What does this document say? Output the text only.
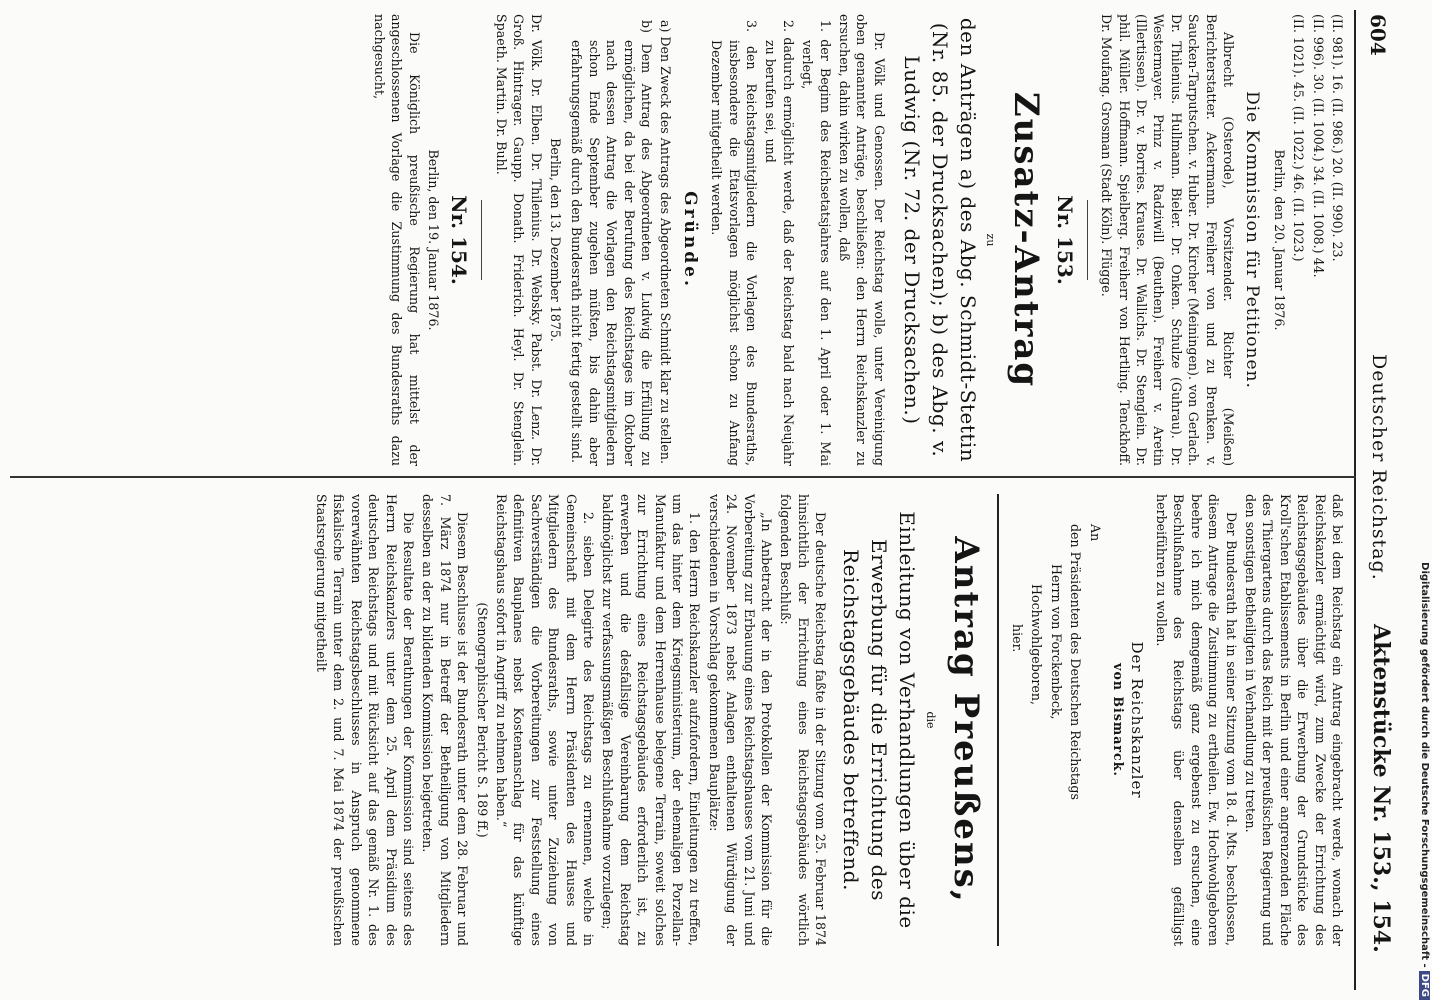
604
Deutscher Reichstag.
Aktenstücke Nr. 153., 154.

(II. 981). 16. (II. 986.) 20. (II. 990). 23.

(II. 996). 30. (II. 1004.) 34. (II. 1008.) 44.

(II. 1021). 45. (II. 1022.) 46. (II. 1023.)

Berlin, den 20. Januar 1876.

Die Kommission für Petitionen.

Albrecht (Osterode), Vorsitzender. Richter (Meißen) Berichterstatter. Ackermann. Freiherr von und zu Brenken. v. Saucken-Tarputschen. v. Huber. Dr. Kircher (Meiningen). von Gerlach. Dr. Thilenius. Hullmann. Bieler. Dr. Onken. Schulze (Guhrau). Dr. Westermayer. Prinz v. Radziwill (Beuthen). Freiherr v. Aretin (Illertissen). Dr. v. Borries. Krause. Dr. Wallichs. Dr. Stenglein. Dr. phil. Müller. Hoffmann. Spielberg. Freiherr von Hertling. Tenckhoff. Dr. Moufang. Grosman (Stadt Köln). Flügge.

Nr. 153.
Zusatz-Antrag
zu
den Anträgen a) des Abg. Schmidt-Stettin (Nr. 85. der Drucksachen); b) des Abg. v. Ludwig (Nr. 72. der Drucksachen.)

Dr. Völk und Genossen. Der Reichstag wolle, unter Vereinigung oben genannter Anträge, beschließen: den Herrn Reichskanzler zu ersuchen, dahin wirken zu wollen, daß

1. der Beginn des Reichsetatsjahres auf den 1. April oder 1. Mai verlegt,

2. dadurch ermöglicht werde, daß der Reichstag bald nach Neujahr zu berufen sei, und

3. den Reichstagsmitgliedern die Vorlagen des Bundesraths, insbesondere die Etatsvorlagen möglichst schon zu Anfang Dezember mitgetheilt werden.

Gründe.

a) Den Zweck des Antrags des Abgeordneten Schmidt klar zu stellen.

b) Dem Antrag des Abgeordneten v. Ludwig die Erfüllung zu ermöglichen, da bei der Berufung des Reichstages im Oktober nach dessen Antrag die Vorlagen den Reichstagsmitgliedern schon Ende September zugehen müßten, bis dahin aber erfahrungsgemäß durch den Bundesrath nicht fertig gestellt sind.

Berlin, den 13. Dezember 1875.

Dr. Völk. Dr. Elben. Dr. Thilenius. Dr. Websky. Pabst. Dr. Lenz. Dr. Groß. Hintrager. Gaupp. Donath. Friderich. Heyl. Dr. Stenglein. Spaeth. Martin. Dr. Buhl.

Nr. 154.

Berlin, den 19. Januar 1876.

Die Königlich preußische Regierung hat mittelst der angeschlossenen Vorlage die Zustimmung des Bundesraths dazu nachgesucht,

daß bei dem Reichstag ein Antrag eingebracht werde, wonach der Reichskanzler ermächtigt wird, zum Zwecke der Errichtung des Reichstagsgebäudes über die Erwerbung der Grundstücke des Kroll'schen Etablissements in Berlin und einer angrenzenden Fläche des Thiergartens durch das Reich mit der preußischen Regierung und den sonstigen Betheiligten in Verhandlung zu treten.

Der Bundesrath hat in seiner Sitzung vom 18. d. Mts. beschlossen, diesem Antrage die Zustimmung zu ertheilen. Ew. Hochwohlgeboren beehre ich mich demgemäß ganz ergebenst zu ersuchen, eine Beschlußnahme des Reichstags über denselben gefälligst herbeiführen zu wollen.

Der Reichskanzler
von Bismarck.

An

den Präsidenten des Deutschen Reichstags

Herrn von Forckenbeck,

Hochwohlgeboren,

hier.

Antrag Preußens,
die
Einleitung von Verhandlungen über die Erwerbung für die Errichtung des Reichstagsgebäudes betreffend.

Der deutsche Reichstag faßte in der Sitzung vom 25. Februar 1874 hinsichtlich der Errichtung eines Reichstagsgebäudes wörtlich folgenden Beschluß:

„In Anbetracht der in den Protokollen der Kommission für die Vorbereitung zur Erbauung eines Reichstagshauses vom 21. Juni und 24. November 1873 nebst Anlagen enthaltenen Würdigung der verschiedenen in Vorschlag gekommenen Bauplätze:

1. den Herrn Reichskanzler aufzufordern, Einleitungen zu treffen, um das hinter dem Kriegsministerium, der ehemaligen Porzellan-Manufaktur und dem Herrenhause belegene Terrain, soweit solches zur Errichtung eines Reichstagsgebäudes erforderlich ist, zu erwerben und die desfallsige Vereinbarung dem Reichstag baldmöglichst zur verfassungsmäßigen Beschlußnahme vorzulegen;

2. sieben Delegirte des Reichstags zu ernennen, welche in Gemeinschaft mit dem Herrn Präsidenten des Hauses und Mitgliedern des Bundesraths, sowie unter Zuziehung von Sachverständigen die Vorbereitungen zur Feststellung eines definitiven Bauplanes nebst Kostenanschlag für das künftige Reichstagshaus sofort in Angriff zu nehmen haben.“

(Stenographischer Bericht S. 189 ff.)

Diesem Beschlusse ist der Bundesrath unter dem 28. Februar und 7. März 1874 nur in Betreff der Betheiligung von Mitgliedern desselben an der zu bildenden Kommission beigetreten.

Die Resultate der Berathungen der Kommission sind seitens des Herrn Reichskanzlers unter dem 25. April dem Präsidium des deutschen Reichstags und mit Rücksicht auf das gemäß Nr. 1. des vorerwähnten Reichstagsbeschlusses in Anspruch genommene fiskalische Terrain unter dem 2. und 7. Mai 1874 der preußischen Staatsregierung mitgetheilt	Digitalisierung gefördert durch die Deutsche Forschungsgemeinschaft -DFG
